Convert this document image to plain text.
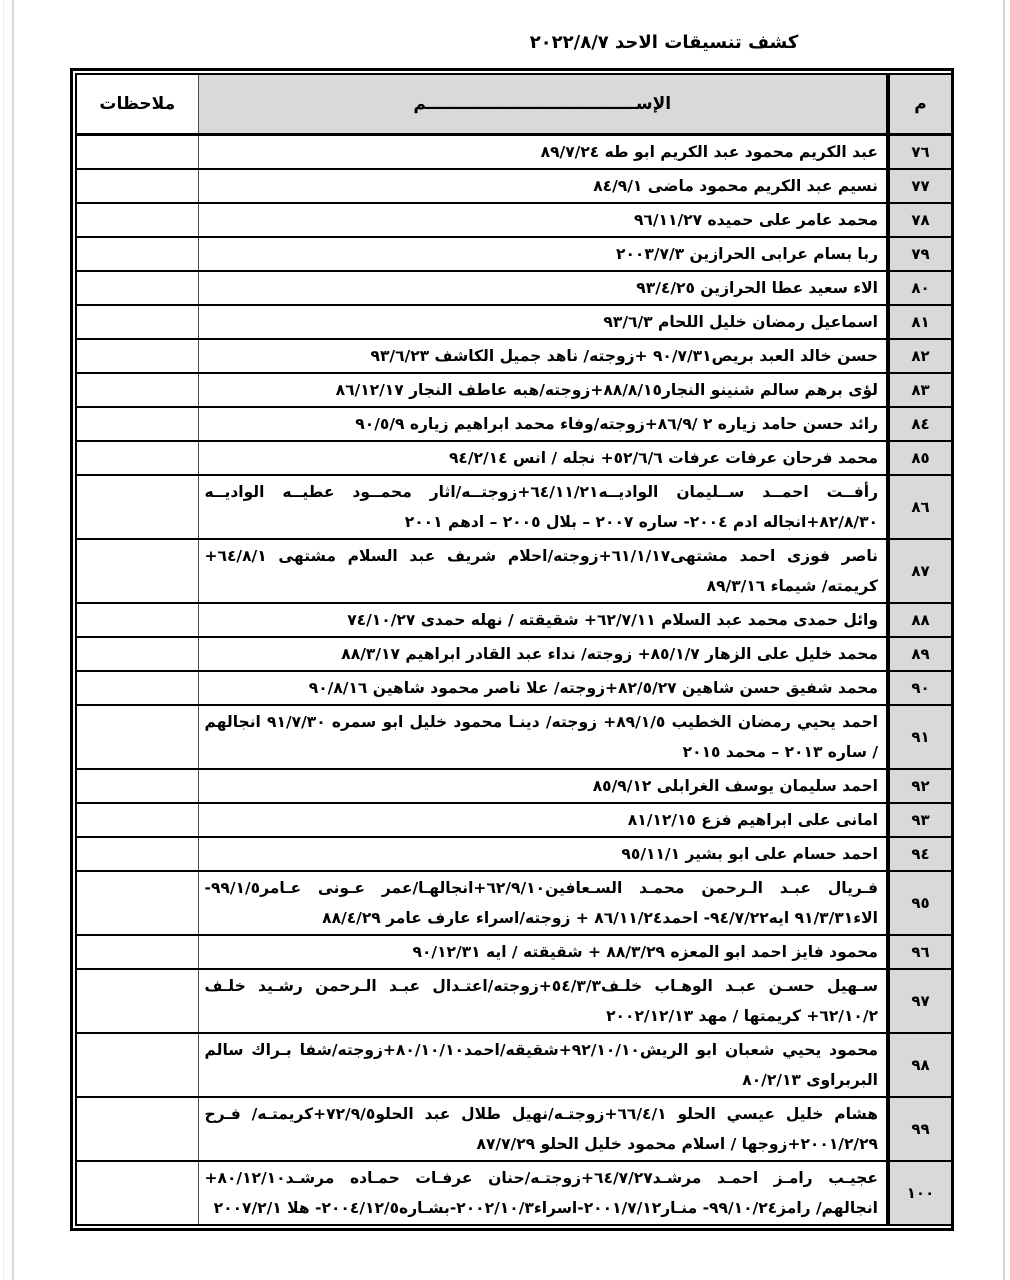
كشف تنسيقات الاحد ٢٠٢٢/٨/٧
م	الإســــــــــــــــــــــــــــــــــــم	ملاحظات
٧٦	عبد الكريم محمود عبد الكريم ابو طه ٨٩/٧/٢٤	
٧٧	نسيم عبد الكريم محمود ماضى ٨٤/٩/١	
٧٨	محمد عامر على حميده ٩٦/١١/٢٧	
٧٩	ربا بسام عرابى الحرازين ٢٠٠٣/٧/٣	
٨٠	الاء سعيد عطا الحرازين ٩٣/٤/٢٥	
٨١	اسماعيل رمضان خليل اللحام ٩٣/٦/٣	
٨٢	حسن خالد العبد بريص٩٠/٧/٣١ +زوجته/ ناهد جميل الكاشف ٩٣/٦/٢٣	
٨٣	لؤى برهم سالم شنينو النجار٨٨/٨/١٥+زوجته/هبه عاطف النجار ٨٦/١٢/١٧	
٨٤	رائد حسن حامد زياره ٢ /٨٦/٩+زوجته/وفاء محمد ابراهيم زياره ٩٠/٥/٩	
٨٥	محمد فرحان عرفات عرفات ٥٢/٦/٦+ نجله / انس ٩٤/٢/١٤	
٨٦	رأفــت احمــد ســليمان الواديــه٦٤/١١/٢١+زوجتــه/اثار محمــود عطيــه الواديــه ٨٢/٨/٣٠+انجاله ادم ٢٠٠٤- ساره ٢٠٠٧ – بلال ٢٠٠٥ – ادهم ٢٠٠١	
٨٧	ناصر فوزى احمد مشتهى٦١/١/١٧+زوجته/احلام شريف عبد السلام مشتهى ٦٤/٨/١+ كريمته/ شيماء ٨٩/٣/١٦	
٨٨	وائل حمدى محمد عبد السلام ٦٢/٧/١١+ شقيقته / نهله حمدى ٧٤/١٠/٢٧	
٨٩	محمد خليل على الزهار ٨٥/١/٧+ زوجته/ نداء عبد القادر ابراهيم ٨٨/٣/١٧	
٩٠	محمد شفيق حسن شاهين ٨٢/٥/٢٧+زوجته/ علا ناصر محمود شاهين ٩٠/٨/١٦	
٩١	احمد يحيي رمضان الخطيب ٨٩/١/٥+ زوجته/ دينـا محمود خليل ابو سمره ٩١/٧/٣٠ انجالهم / ساره ٢٠١٣ – محمد ٢٠١٥	
٩٢	احمد سليمان يوسف الغرابلى ٨٥/٩/١٢	
٩٣	امانى على ابراهيم فزع ٨١/١٢/١٥	
٩٤	احمد حسام على ابو بشير ٩٥/١١/١	
٩٥	فـريال عبـد الـرحمن محمـد السـعافين٦٢/٩/١٠+انجالهـا/عمر عـونى عـامر٩٩/١/٥- الاء٩١/٣/٣١ ايه٩٤/٧/٢٢- احمد٨٦/١١/٢٤ + زوجته/اسراء عارف عامر ٨٨/٤/٢٩	
٩٦	محمود فايز احمد ابو المعزه ٨٨/٣/٢٩ + شقيقته / ايه ٩٠/١٢/٣١	
٩٧	سـهيل حسـن عبـد الوهـاب خلـف٥٤/٣/٣+زوجته/اعتـدال عبـد الـرحمن رشـيد خلـف ٦٢/١٠/٢+ كريمتها / مهد ٢٠٠٢/١٢/١٣	
٩٨	محمود يحيي شعبان ابو الريش٩٢/١٠/١٠+شقيقه/احمد٨٠/١٠/١٠+زوجته/شفا بـراك سالم البربراوى ٨٠/٢/١٣	
٩٩	هشام خليل عيسي الحلو ٦٦/٤/١+زوجتـه/نهيل طلال عبد الحلو٧٢/٩/٥+كريمتـه/ فـرح ٢٠٠١/٢/٢٩+زوجها / اسلام محمود خليل الحلو ٨٧/٧/٢٩	
١٠٠	عجيـب رامـز احمـد مرشـد٦٤/٧/٢٧+زوجتـه/حنان عرفـات حمـاده مرشـد٨٠/١٢/١٠+ انجالهم/ رامز٩٩/١٠/٢٤- منـار٢٠٠١/٧/١٢-اسراء٢٠٠٢/١٠/٣-بشـاره٢٠٠٤/١٢/٥- هلا ٢٠٠٧/٢/١	
